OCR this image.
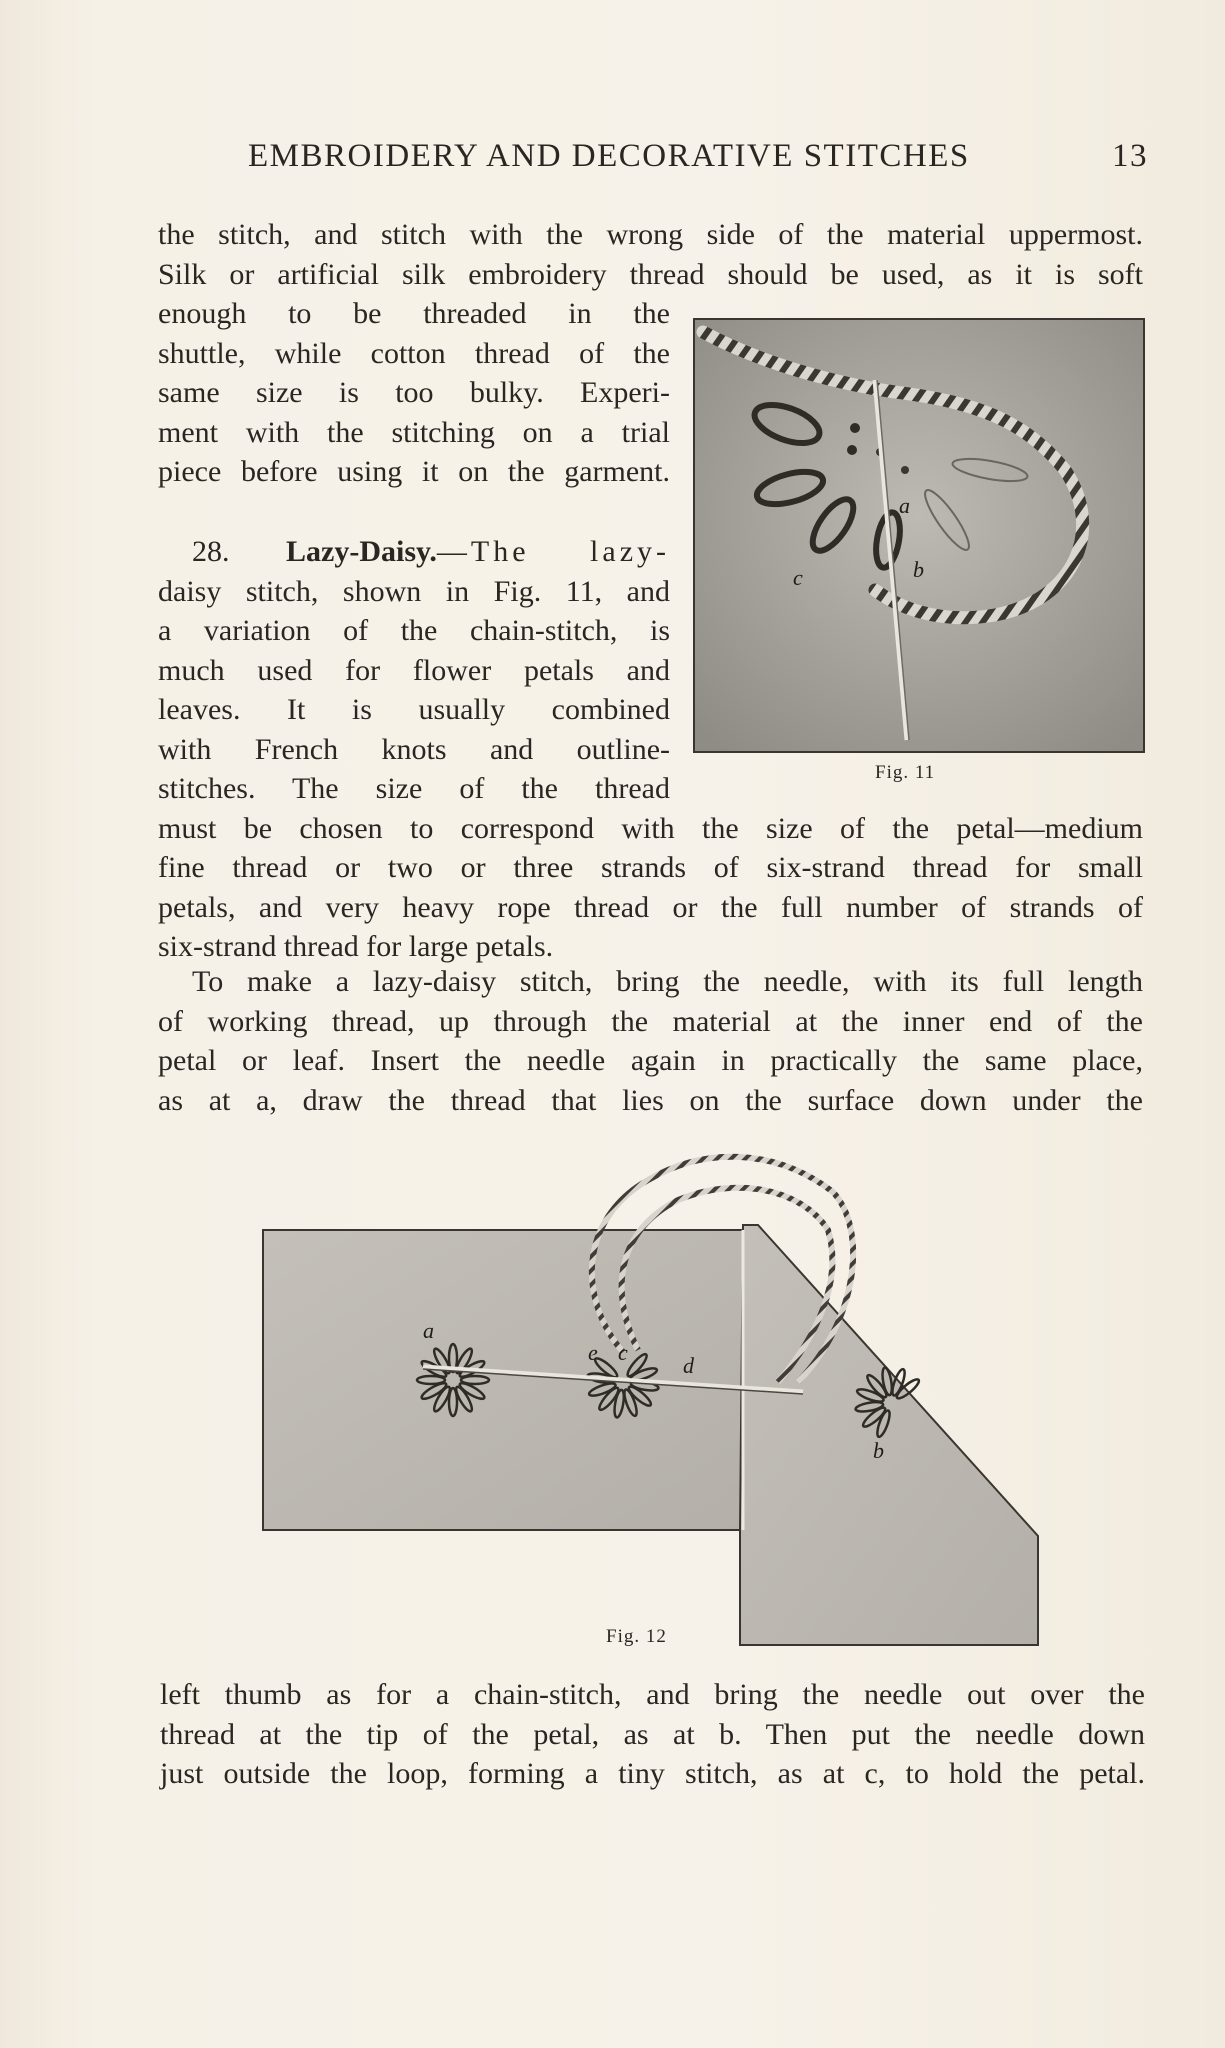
EMBROIDERY AND DECORATIVE STITCHES	13
the stitch, and stitch with the wrong side of the material uppermost.
Silk or artificial silk embroidery thread should be used, as it is soft
enough to be threaded in the
shuttle, while cotton thread of the
same size is too bulky. Experi-
ment with the stitching on a trial
piece before using it on the garment.
28. Lazy-Daisy.—The lazy-
daisy stitch, shown in Fig. 11, and
a variation of the chain-stitch, is
much used for flower petals and
leaves. It is usually combined
with French knots and outline-
stitches. The size of the thread
must be chosen to correspond with the size of the petal—medium
fine thread or two or three strands of six-strand thread for small
petals, and very heavy rope thread or the full number of strands of
six-strand thread for large petals.
To make a lazy-daisy stitch, bring the needle, with its full length
of working thread, up through the material at the inner end of the
petal or leaf. Insert the needle again in practically the same place,
as at a, draw the thread that lies on the surface down under the
left thumb as for a chain-stitch, and bring the needle out over the
thread at the tip of the petal, as at b. Then put the needle down
just outside the loop, forming a tiny stitch, as at c, to hold the petal.
a
b
c
Fig. 11
a
e c
d
b
Fig. 12
